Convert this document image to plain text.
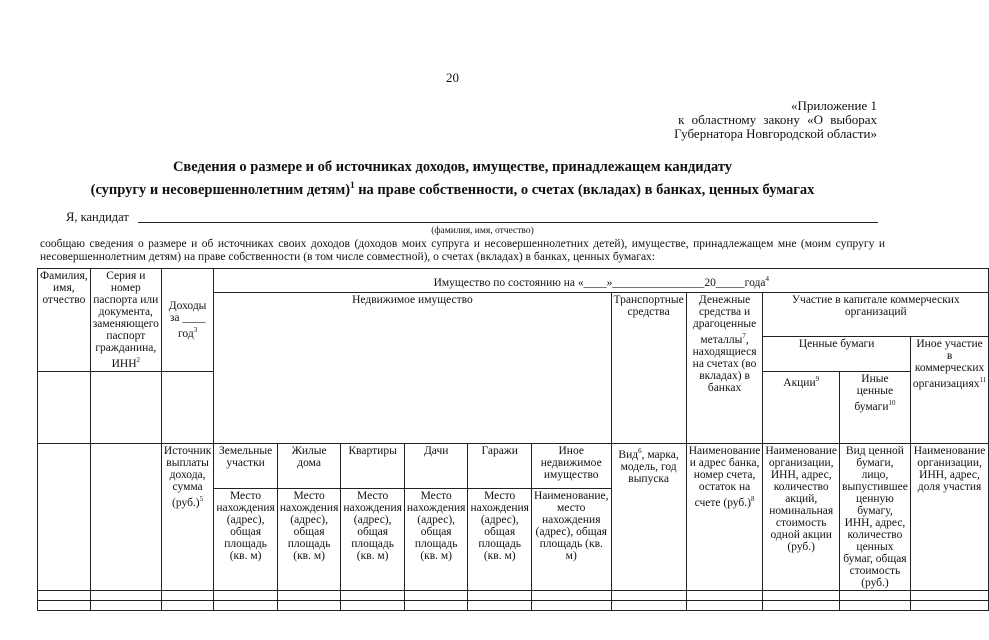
20
«Приложение 1
к областному закону «О выборах
Губернатора Новгородской области»
Сведения о размере и об источниках доходов, имуществе, принадлежащем кандидату
(супругу и несовершеннолетним детям)$^1$ на праве собственности, о счетах (вкладах) в банках, ценных бумагах
Я, кандидат
(фамилия, имя, отчество)
сообщаю сведения о размере и об источниках своих доходов (доходов моих супруга и несовершеннолетних детей), имуществе, принадлежащем мне (моим супругу и несовершеннолетним детям) на праве собственности (в том числе совместной), о счетах (вкладах) в банках, ценных бумагах:
Фамилия, имя, отчество	Серия и номер паспорта или документа, заменяющего паспорт гражданина, ИНН$^2$	Доходы за ____ год$^3$	Имущество по состоянию на «____»________________20_____года$^4$
			Недвижимое имущество						Транспортные средства	Денежные средства и драгоценные металлы$^7$, находящиеся на счетах (во вкладах) в банках	Участие в капитале коммерческих организаций		
											Ценные бумаги		Иное участие в коммерческих организациях$^{11}$
											Акции$^9$	Иные ценные бумаги$^{10}$
		Источник выплаты дохода, сумма $(руб.)^5$	Земельные участки	Жилые дома	Квартиры	Дачи	Гаражи	Иное недвижимое имущество	Вид$^6$, марка, модель, год выпуска	Наименование и адрес банка, номер счета, остаток на счете $(руб.)^8$	Наименование организации, ИНН, адрес, количество акций, номинальная стоимость одной акции (руб.)	Вид ценной бумаги, лицо, выпустившее ценную бумагу, ИНН, адрес, количество ценных бумаг, общая стоимость (руб.)	Наименование организации, ИНН, адрес, доля участия
			Место нахождения (адрес), общая площадь (кв. м)	Место нахождения (адрес), общая площадь (кв. м)	Место нахождения (адрес), общая площадь (кв. м)	Место нахождения (адрес), общая площадь (кв. м)	Место нахождения (адрес), общая площадь (кв. м)	Наименование, место нахождения (адрес), общая площадь (кв. м)					
